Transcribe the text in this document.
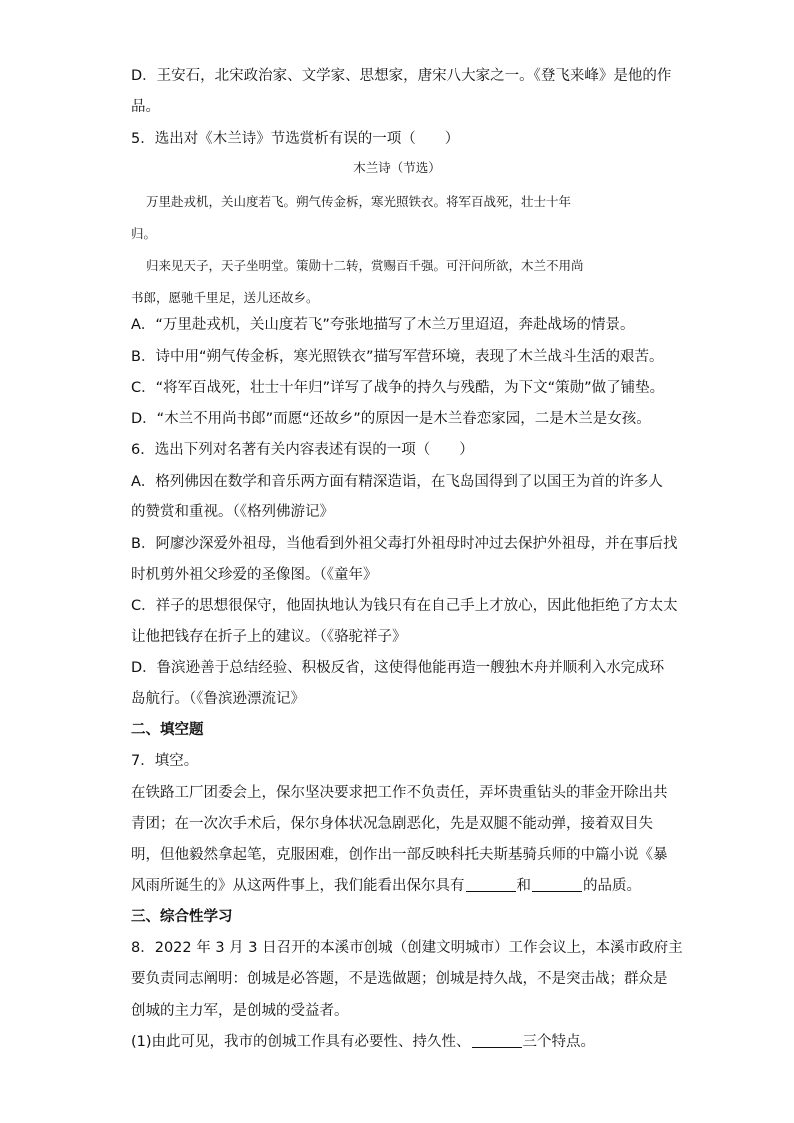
D．王安石，北宋政治家、文学家、思想家，唐宋八大家之一。《登飞来峰》是他的作
品。
5．选出对《木兰诗》节选赏析有误的一项（　　）
木兰诗（节选）
万里赴戎机，关山度若飞。朔气传金柝，寒光照铁衣。将军百战死，壮士十年
归。
归来见天子，天子坐明堂。策勋十二转，赏赐百千强。可汗问所欲，木兰不用尚
书郎，愿驰千里足，送儿还故乡。
A．“万里赴戎机，关山度若飞”夸张地描写了木兰万里迢迢，奔赴战场的情景。
B．诗中用“朔气传金柝，寒光照铁衣”描写军营环境，表现了木兰战斗生活的艰苦。
C．“将军百战死，壮士十年归”详写了战争的持久与残酷，为下文“策勋”做了铺垫。
D．“木兰不用尚书郎”而愿“还故乡”的原因一是木兰眷恋家园，二是木兰是女孩。
6．选出下列对名著有关内容表述有误的一项（　　）
A．格列佛因在数学和音乐两方面有精深造诣，在飞岛国得到了以国王为首的许多人
的赞赏和重视。（《格列佛游记》
B．阿廖沙深爱外祖母，当他看到外祖父毒打外祖母时冲过去保护外祖母，并在事后找
时机剪外祖父珍爱的圣像图。（《童年》
C．祥子的思想很保守，他固执地认为钱只有在自己手上才放心，因此他拒绝了方太太
让他把钱存在折子上的建议。（《骆驼祥子》
D．鲁滨逊善于总结经验、积极反省，这使得他能再造一艘独木舟并顺利入水完成环
岛航行。（《鲁滨逊漂流记》
二、填空题
7．填空。
在铁路工厂团委会上，保尔坚决要求把工作不负责任，弄坏贵重钻头的菲金开除出共
青团；在一次次手术后，保尔身体状况急剧恶化，先是双腿不能动弹，接着双目失
明，但他毅然拿起笔，克服困难，创作出一部反映科托夫斯基骑兵师的中篇小说《暴
风雨所诞生的》从这两件事上，我们能看出保尔具有	和	的品质。
三、综合性学习
8．2022 年 3 月 3 日召开的本溪市创城（创建文明城市）工作会议上，本溪市政府主
要负责同志阐明：创城是必答题，不是选做题；创城是持久战，不是突击战；群众是
创城的主力军，是创城的受益者。
(1)由此可见，我市的创城工作具有必要性、持久性、	三个特点。
